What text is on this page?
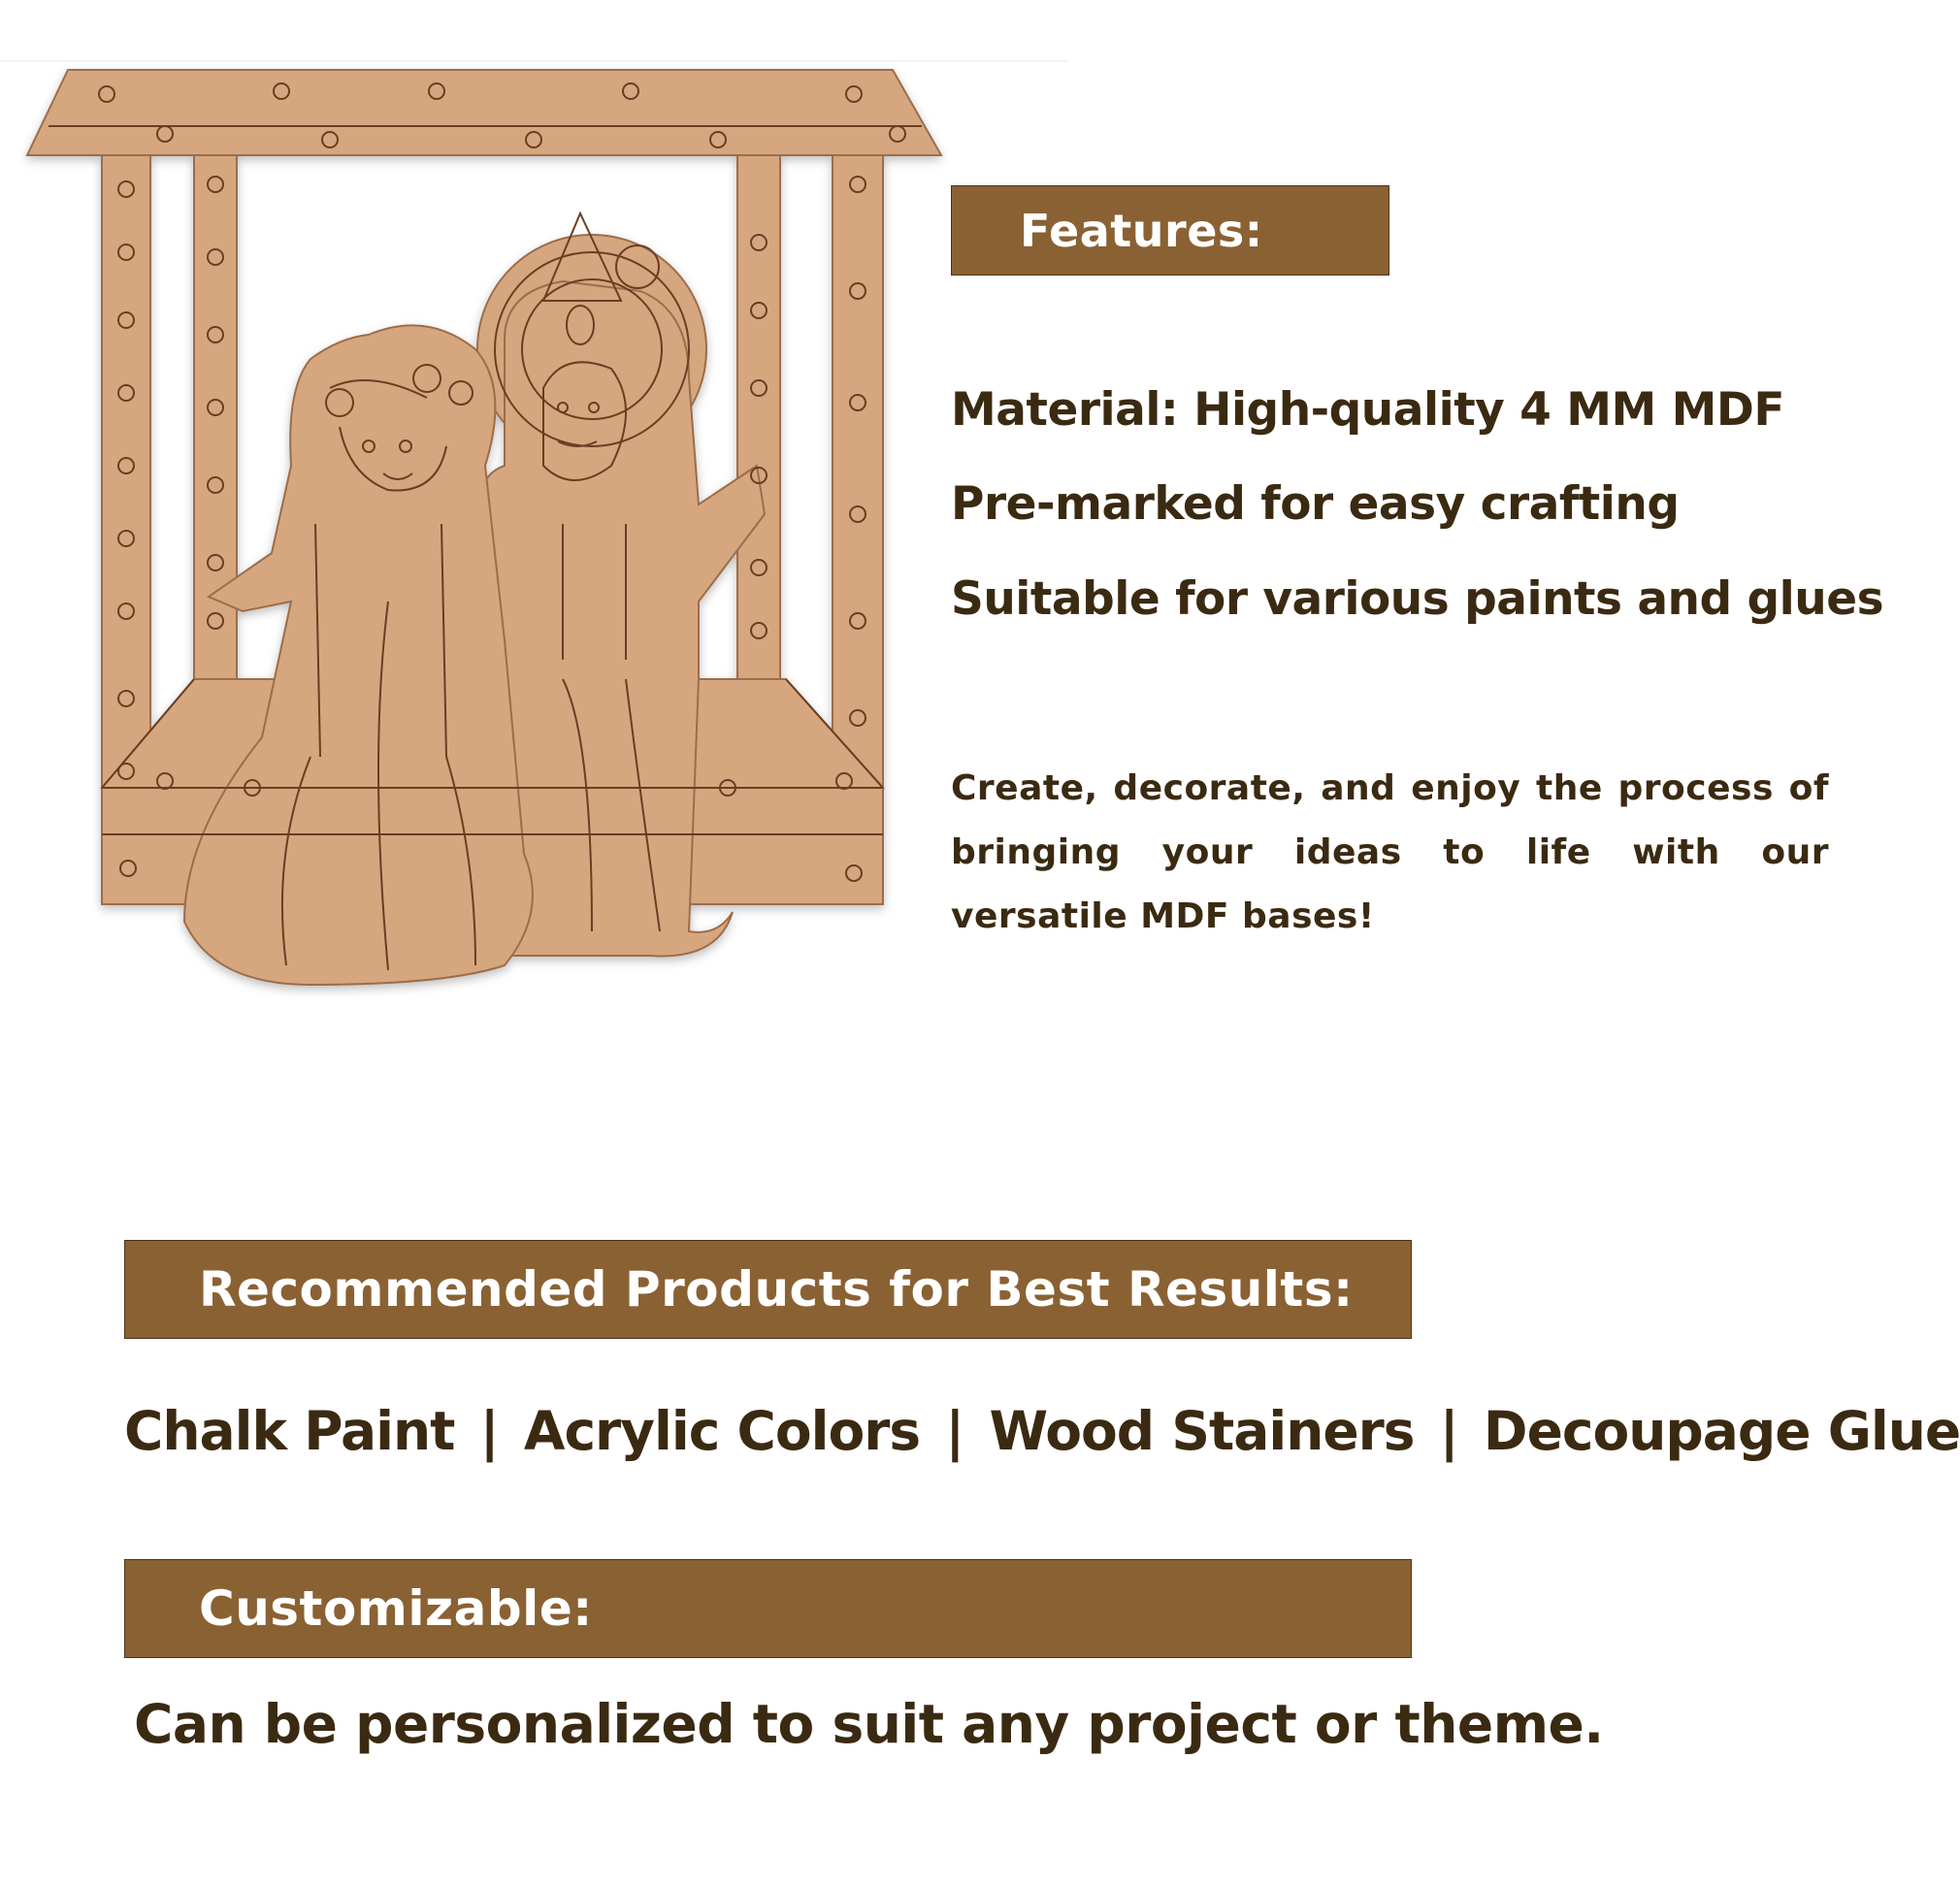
Features:
Material: High-quality 4 MM MDF
Pre-marked for easy crafting
Suitable for various paints and glues
Create, decorate, and enjoy the process of bringing your ideas to life with our versatile MDF bases!
Recommended Products for Best Results:
Chalk Paint | Acrylic Colors | Wood Stainers | Decoupage Glue
Customizable:
Can be personalized to suit any project or theme.
